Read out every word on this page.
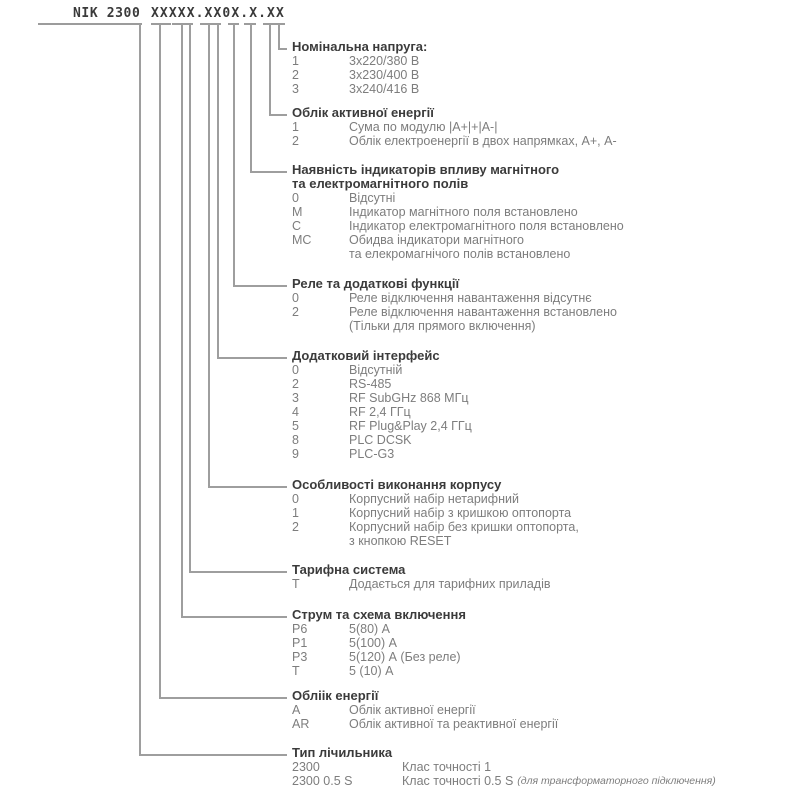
NIK 2300 XXXXX.XX0X.X.XX
Номінальна напруга:
1	3x220/380 В
2	3x230/400 В
3	3x240/416 В
Облік активної енергії
1	Сума по модулю |A+|+|A-|
2	Облік електроенергії в двох напрямках, А+, А-
Наявність індикаторів впливу магнітного
та електромагнітного полів
0	Відсутні
М	Індикатор магнітного поля встановлено
С	Індикатор електромагнітного поля встановлено
МС	Обидва індикатори магнітного
та елекромагнічого полів встановлено
Реле та додаткові функції
0	Реле відключення навантаження відсутнє
2	Реле відключення навантаження встановлено
(Тільки для прямого включення)
Додатковий інтерфейс
0	Відсутній
2	RS-485
3	RF SubGHz 868 МГц
4	RF 2,4 ГГц
5	RF Plug&Play 2,4 ГГц
8	PLC DCSK
9	PLC-G3
Особливості виконання корпусу
0	Корпусний набір нетарифний
1	Корпусний набір з кришкою оптопорта
2	Корпусний набір без кришки оптопорта,
з кнопкою RESET
Тарифна система
Т	Додається для тарифних приладів
Струм та схема включення
Р6	5(80) А
Р1	5(100) А
Р3	5(120) А (Без реле)
Т	5 (10) А
Обліік енергії
А	Облік активної енергії
AR	Облік активної та реактивної енергії
Тип лічильника
2300	Клас точності 1
2300 0.5 S	Клас точності 0.5 S (для трансформаторного підключення)
